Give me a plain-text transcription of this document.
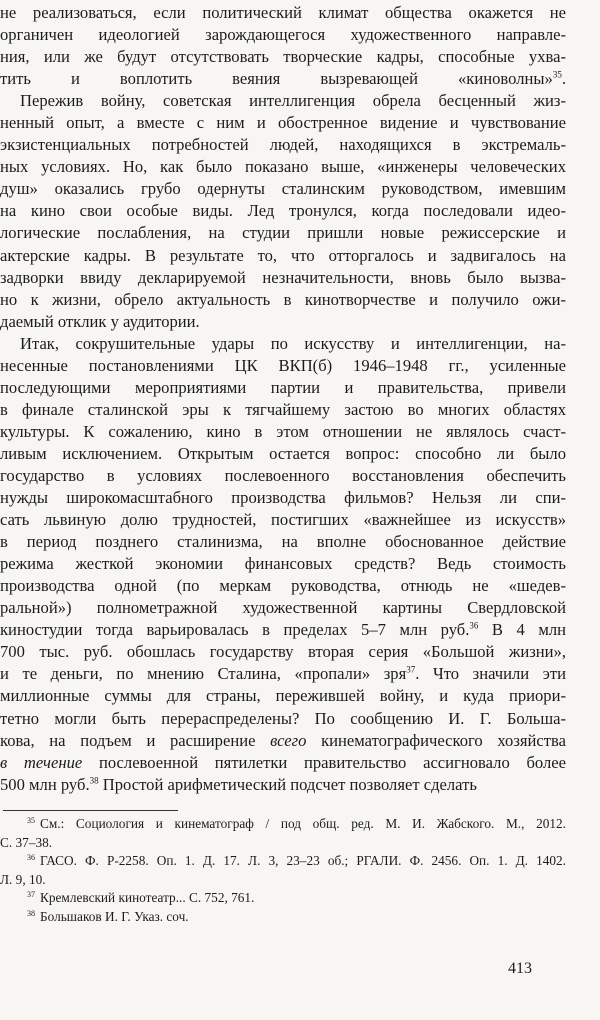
не реализоваться, если политический климат общества окажется не
органичен идеологией зарождающегося художественного направле-
ния, или же будут отсутствовать творческие кадры, способные ухва-
тить и воплотить веяния вызревающей «киноволны»$^{35}$.
Пережив войну, советская интеллигенция обрела бесценный жиз-
ненный опыт, а вместе с ним и обостренное видение и чувствование
экзистенциальных потребностей людей, находящихся в экстремаль-
ных условиях. Но, как было показано выше, «инженеры человеческих
душ» оказались грубо одернуты сталинским руководством, имевшим
на кино свои особые виды. Лед тронулся, когда последовали идео-
логические послабления, на студии пришли новые режиссерские и
актерские кадры. В результате то, что отторгалось и задвигалось на
задворки ввиду декларируемой незначительности, вновь было вызва-
но к жизни, обрело актуальность в кинотворчестве и получило ожи-
даемый отклик у аудитории.
Итак, сокрушительные удары по искусству и интеллигенции, на-
несенные постановлениями ЦК ВКП(б) 1946–1948 гг., усиленные
последующими мероприятиями партии и правительства, привели
в финале сталинской эры к тягчайшему застою во многих областях
культуры. К сожалению, кино в этом отношении не являлось счаст-
ливым исключением. Открытым остается вопрос: способно ли было
государство в условиях послевоенного восстановления обеспечить
нужды широкомасштабного производства фильмов? Нельзя ли спи-
сать львиную долю трудностей, постигших «важнейшее из искусств»
в период позднего сталинизма, на вполне обоснованное действие
режима жесткой экономии финансовых средств? Ведь стоимость
производства одной (по меркам руководства, отнюдь не «шедев-
ральной») полнометражной художественной картины Свердловской
киностудии тогда варьировалась в пределах 5–7 млн руб.$^{36}$ В 4 млн
700 тыс. руб. обошлась государству вторая серия «Большой жизни»,
и те деньги, по мнению Сталина, «пропали» зря$^{37}$. Что значили эти
миллионные суммы для страны, пережившей войну, и куда приори-
тетно могли быть перераспределены? По сообщению И. Г. Больша-
кова, на подъем и расширение всего кинематографического хозяйства
в течение послевоенной пятилетки правительство ассигновало более
500 млн руб.$^{38}$ Простой арифметический подсчет позволяет сделать
$^{35}$ См.: Социология и кинематограф / под общ. ред. М. И. Жабского. М., 2012.
С. 37–38.
$^{36}$ ГАСО. Ф. Р-2258. Оп. 1. Д. 17. Л. 3, 23–23 об.; РГАЛИ. Ф. 2456. Оп. 1. Д. 1402.
Л. 9, 10.
$^{37}$ Кремлевский кинотеатр... С. 752, 761.
$^{38}$ Большаков И. Г. Указ. соч.
413
